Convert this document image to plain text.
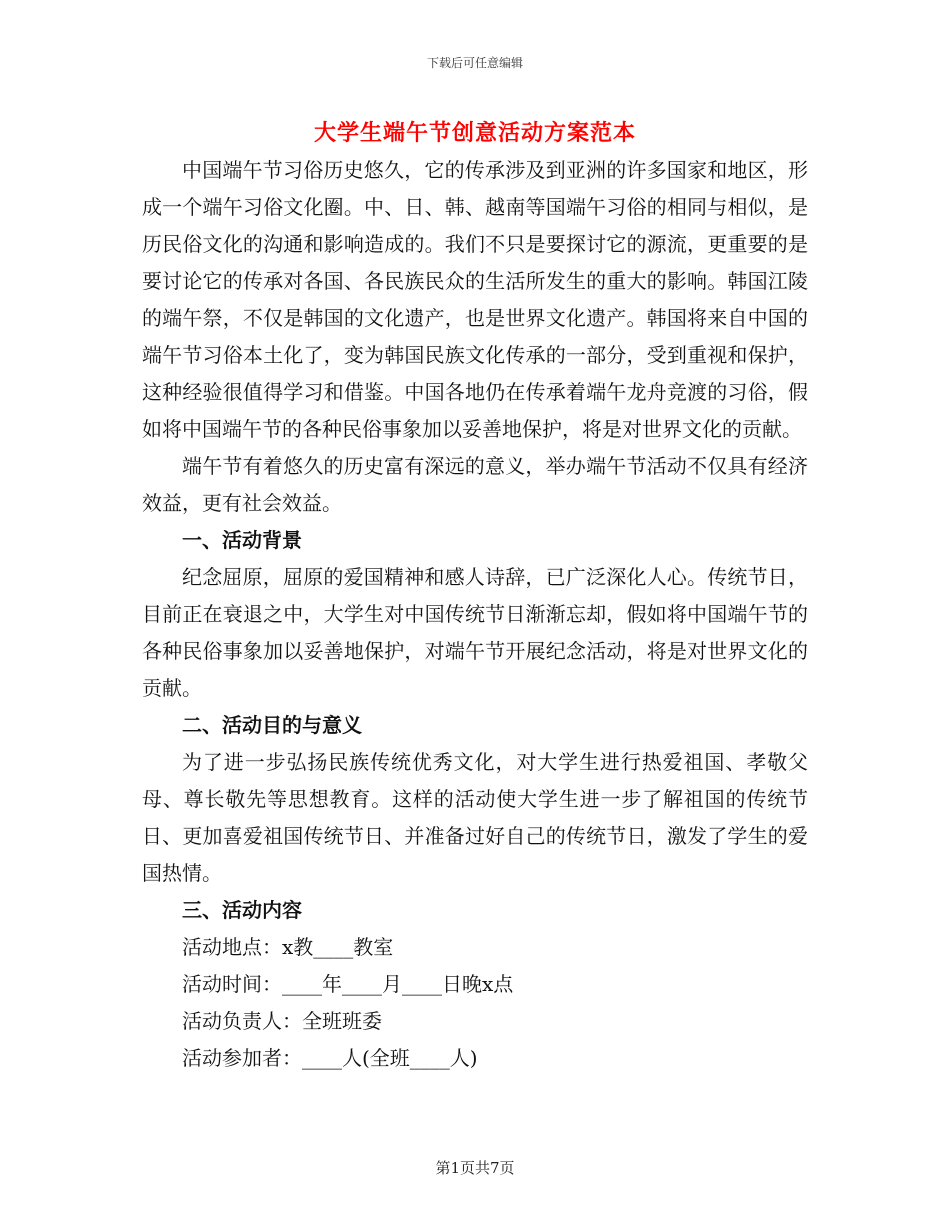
下载后可任意编辑
大学生端午节创意活动方案范本

中国端午节习俗历史悠久，它的传承涉及到亚洲的许多国家和地区，形成一个端午习俗文化圈。中、日、韩、越南等国端午习俗的相同与相似，是历民俗文化的沟通和影响造成的。我们不只是要探讨它的源流，更重要的是要讨论它的传承对各国、各民族民众的生活所发生的重大的影响。韩国江陵的端午祭，不仅是韩国的文化遗产，也是世界文化遗产。韩国将来自中国的端午节习俗本土化了，变为韩国民族文化传承的一部分，受到重视和保护，这种经验很值得学习和借鉴。中国各地仍在传承着端午龙舟竞渡的习俗，假如将中国端午节的各种民俗事象加以妥善地保护，将是对世界文化的贡献。

端午节有着悠久的历史富有深远的意义，举办端午节活动不仅具有经济效益，更有社会效益。

一、活动背景

纪念屈原，屈原的爱国精神和感人诗辞，已广泛深化人心。传统节日，目前正在衰退之中，大学生对中国传统节日渐渐忘却，假如将中国端午节的各种民俗事象加以妥善地保护，对端午节开展纪念活动，将是对世界文化的贡献。

二、活动目的与意义

为了进一步弘扬民族传统优秀文化，对大学生进行热爱祖国、孝敬父母、尊长敬先等思想教育。这样的活动使大学生进一步了解祖国的传统节日、更加喜爱祖国传统节日、并准备过好自己的传统节日，激发了学生的爱国热情。

三、活动内容
活动地点：x教____教室
活动时间：____年____月____日晚x点
活动负责人：全班班委
活动参加者：____人(全班____人)
第1页共7页
